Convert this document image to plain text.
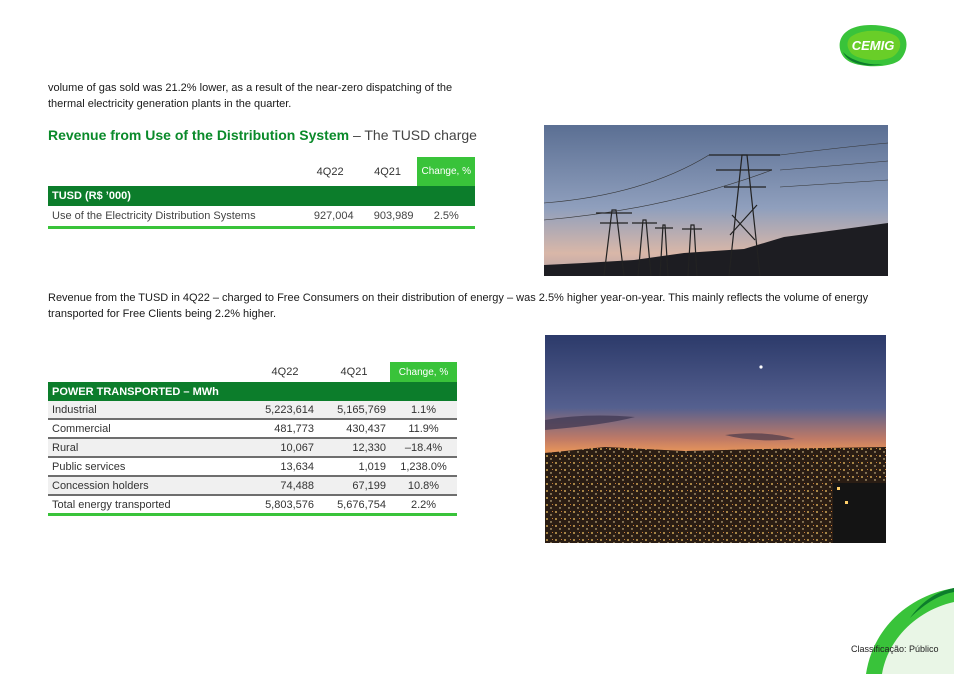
CEMIG

volume of gas sold was 21.2% lower, as a result of the near-zero dispatching of the thermal electricity generation plants in the quarter.

Revenue from Use of the Distribution System – The TUSD charge
	4Q22	4Q21	Change, %
TUSD (R$ ’000)			
Use of the Electricity Distribution Systems	927,004	903,989	2.5%

Revenue from the TUSD in 4Q22 – charged to Free Consumers on their distribution of energy – was 2.5% higher year-on-year. This mainly reflects the volume of energy transported for Free Clients being 2.2% higher.

	4Q22	4Q21	Change, %
POWER TRANSPORTED – MWh			
Industrial	5,223,614	5,165,769	1.1%
Commercial	481,773	430,437	11.9%
Rural	10,067	12,330	–18.4%
Public services	13,634	1,019	1,238.0%
Concession holders	74,488	67,199	10.8%
Total energy transported	5,803,576	5,676,754	2.2%
Classificação: Público
